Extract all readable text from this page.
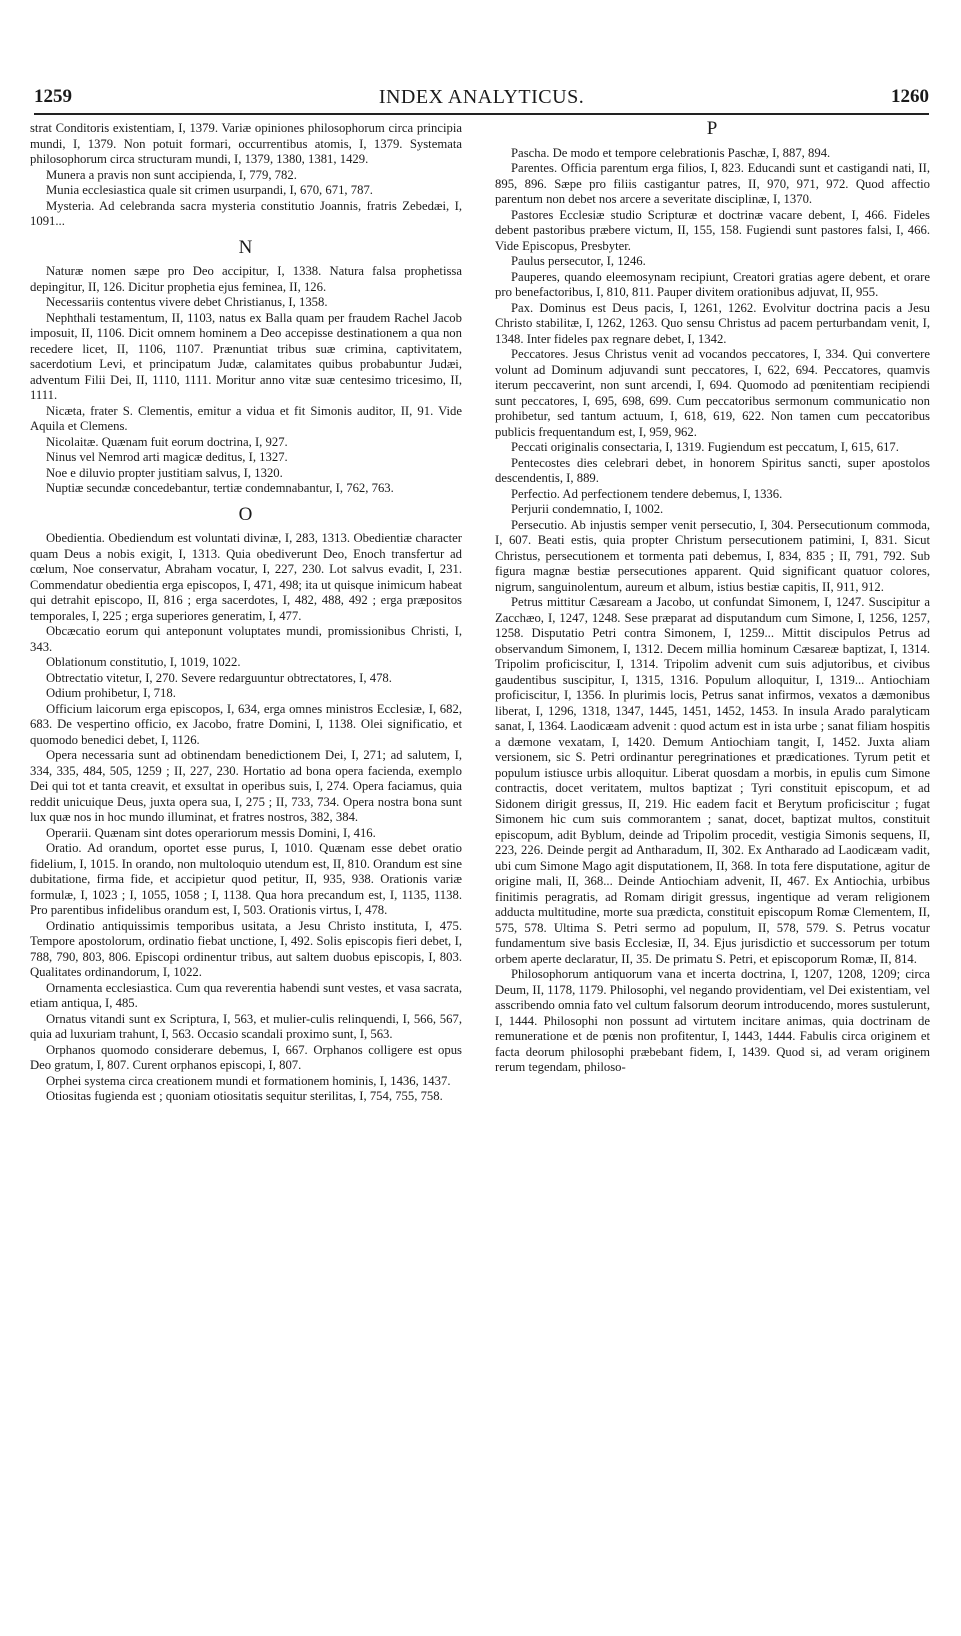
1259	INDEX ANALYTICUS.	1260

strat Conditoris existentiam, I, 1379. Variæ opiniones philosophorum circa principia mundi, I, 1379. Non potuit formari, occurrentibus atomis, I, 1379. Systemata philosophorum circa structuram mundi, I, 1379, 1380, 1381, 1429.

Munera a pravis non sunt accipienda, I, 779, 782.

Munia ecclesiastica quale sit crimen usurpandi, I, 670, 671, 787.

Mysteria. Ad celebranda sacra mysteria constitutio Joannis, fratris Zebedæi, I, 1091...

N

Naturæ nomen sæpe pro Deo accipitur, I, 1338. Natura falsa prophetissa depingitur, II, 126. Dicitur prophetia ejus feminea, II, 126.

Necessariis contentus vivere debet Christianus, I, 1358.

Nephthali testamentum, II, 1103, natus ex Balla quam per fraudem Rachel Jacob imposuit, II, 1106. Dicit omnem hominem a Deo accepisse destinationem a qua non recedere licet, II, 1106, 1107. Prænuntiat tribus suæ crimina, captivitatem, sacerdotium Levi, et principatum Judæ, calamitates quibus probabuntur Judæi, adventum Filii Dei, II, 1110, 1111. Moritur anno vitæ suæ centesimo tricesimo, II, 1111.

Nicæta, frater S. Clementis, emitur a vidua et fit Simonis auditor, II, 91. Vide Aquila et Clemens.

Nicolaitæ. Quænam fuit eorum doctrina, I, 927.

Ninus vel Nemrod arti magicæ deditus, I, 1327.

Noe e diluvio propter justitiam salvus, I, 1320.

Nuptiæ secundæ concedebantur, tertiæ condemnabantur, I, 762, 763.

O

Obedientia. Obediendum est voluntati divinæ, I, 283, 1313. Obedientiæ character quam Deus a nobis exigit, I, 1313. Quia obediverunt Deo, Enoch transfertur ad cœlum, Noe conservatur, Abraham vocatur, I, 227, 230. Lot salvus evadit, I, 231. Commendatur obedientia erga episcopos, I, 471, 498; ita ut quisque inimicum habeat qui detrahit episcopo, II, 816 ; erga sacerdotes, I, 482, 488, 492 ; erga præpositos temporales, I, 225 ; erga superiores generatim, I, 477.

Obcæcatio eorum qui anteponunt voluptates mundi, promissionibus Christi, I, 343.

Oblationum constitutio, I, 1019, 1022.

Obtrectatio vitetur, I, 270. Severe redarguuntur obtrectatores, I, 478.

Odium prohibetur, I, 718.

Officium laicorum erga episcopos, I, 634, erga omnes ministros Ecclesiæ, I, 682, 683. De vespertino officio, ex Jacobo, fratre Domini, I, 1138. Olei significatio, et quomodo benedici debet, I, 1126.

Opera necessaria sunt ad obtinendam benedictionem Dei, I, 271; ad salutem, I, 334, 335, 484, 505, 1259 ; II, 227, 230. Hortatio ad bona opera facienda, exemplo Dei qui tot et tanta creavit, et exsultat in operibus suis, I, 274. Opera faciamus, quia reddit unicuique Deus, juxta opera sua, I, 275 ; II, 733, 734. Opera nostra bona sunt lux quæ nos in hoc mundo illuminat, et fratres nostros, 382, 384.

Operarii. Quænam sint dotes operariorum messis Domini, I, 416.

Oratio. Ad orandum, oportet esse purus, I, 1010. Quænam esse debet oratio fidelium, I, 1015. In orando, non multoloquio utendum est, II, 810. Orandum est sine dubitatione, firma fide, et accipietur quod petitur, II, 935, 938. Orationis variæ formulæ, I, 1023 ; I, 1055, 1058 ; I, 1138. Qua hora precandum est, I, 1135, 1138. Pro parentibus infidelibus orandum est, I, 503. Orationis virtus, I, 478.

Ordinatio antiquissimis temporibus usitata, a Jesu Christo instituta, I, 475. Tempore apostolorum, ordinatio fiebat unctione, I, 492. Solis episcopis fieri debet, I, 788, 790, 803, 806. Episcopi ordinentur tribus, aut saltem duobus episcopis, I, 803. Qualitates ordinandorum, I, 1022.

Ornamenta ecclesiastica. Cum qua reverentia habendi sunt vestes, et vasa sacrata, etiam antiqua, I, 485.

Ornatus vitandi sunt ex Scriptura, I, 563, et mulier-culis relinquendi, I, 566, 567, quia ad luxuriam trahunt, I, 563. Occasio scandali proximo sunt, I, 563.

Orphanos quomodo considerare debemus, I, 667. Orphanos colligere est opus Deo gratum, I, 807. Curent orphanos episcopi, I, 807.

Orphei systema circa creationem mundi et formationem hominis, I, 1436, 1437.

Otiositas fugienda est ; quoniam otiositatis sequitur sterilitas, I, 754, 755, 758.

P

Pascha. De modo et tempore celebrationis Paschæ, I, 887, 894.

Parentes. Officia parentum erga filios, I, 823. Educandi sunt et castigandi nati, II, 895, 896. Sæpe pro filiis castigantur patres, II, 970, 971, 972. Quod affectio parentum non debet nos arcere a severitate disciplinæ, I, 1370.

Pastores Ecclesiæ studio Scripturæ et doctrinæ vacare debent, I, 466. Fideles debent pastoribus præbere victum, II, 155, 158. Fugiendi sunt pastores falsi, I, 466. Vide Episcopus, Presbyter.

Paulus persecutor, I, 1246.

Pauperes, quando eleemosynam recipiunt, Creatori gratias agere debent, et orare pro benefactoribus, I, 810, 811. Pauper divitem orationibus adjuvat, II, 955.

Pax. Dominus est Deus pacis, I, 1261, 1262. Evolvitur doctrina pacis a Jesu Christo stabilitæ, I, 1262, 1263. Quo sensu Christus ad pacem perturbandam venit, I, 1348. Inter fideles pax regnare debet, I, 1342.

Peccatores. Jesus Christus venit ad vocandos peccatores, I, 334. Qui convertere volunt ad Dominum adjuvandi sunt peccatores, I, 622, 694. Peccatores, quamvis iterum peccaverint, non sunt arcendi, I, 694. Quomodo ad pœnitentiam recipiendi sunt peccatores, I, 695, 698, 699. Cum peccatoribus sermonum communicatio non prohibetur, sed tantum actuum, I, 618, 619, 622. Non tamen cum peccatoribus publicis frequentandum est, I, 959, 962.

Peccati originalis consectaria, I, 1319. Fugiendum est peccatum, I, 615, 617.

Pentecostes dies celebrari debet, in honorem Spiritus sancti, super apostolos descendentis, I, 889.

Perfectio. Ad perfectionem tendere debemus, I, 1336.

Perjurii condemnatio, I, 1002.

Persecutio. Ab injustis semper venit persecutio, I, 304. Persecutionum commoda, I, 607. Beati estis, quia propter Christum persecutionem patimini, I, 831. Sicut Christus, persecutionem et tormenta pati debemus, I, 834, 835 ; II, 791, 792. Sub figura magnæ bestiæ persecutiones apparent. Quid significant quatuor colores, nigrum, sanguinolentum, aureum et album, istius bestiæ capitis, II, 911, 912.

Petrus mittitur Cæsaream a Jacobo, ut confundat Simonem, I, 1247. Suscipitur a Zacchæo, I, 1247, 1248. Sese præparat ad disputandum cum Simone, I, 1256, 1257, 1258. Disputatio Petri contra Simonem, I, 1259... Mittit discipulos Petrus ad observandum Simonem, I, 1312. Decem millia hominum Cæsareæ baptizat, I, 1314. Tripolim proficiscitur, I, 1314. Tripolim advenit cum suis adjutoribus, et civibus gaudentibus suscipitur, I, 1315, 1316. Populum alloquitur, I, 1319... Antiochiam proficiscitur, I, 1356. In plurimis locis, Petrus sanat infirmos, vexatos a dæmonibus liberat, I, 1296, 1318, 1347, 1445, 1451, 1452, 1453. In insula Arado paralyticam sanat, I, 1364. Laodicæam advenit : quod actum est in ista urbe ; sanat filiam hospitis a dæmone vexatam, I, 1420. Demum Antiochiam tangit, I, 1452. Juxta aliam versionem, sic S. Petri ordinantur peregrinationes et prædicationes. Tyrum petit et populum istiusce urbis alloquitur. Liberat quosdam a morbis, in epulis cum Simone contractis, docet veritatem, multos baptizat ; Tyri constituit episcopum, et ad Sidonem dirigit gressus, II, 219. Hic eadem facit et Berytum proficiscitur ; fugat Simonem hic cum suis commorantem ; sanat, docet, baptizat multos, constituit episcopum, adit Byblum, deinde ad Tripolim procedit, vestigia Simonis sequens, II, 223, 226. Deinde pergit ad Antharadum, II, 302. Ex Antharado ad Laodicæam vadit, ubi cum Simone Mago agit disputationem, II, 368. In tota fere disputatione, agitur de origine mali, II, 368... Deinde Antiochiam advenit, II, 467. Ex Antiochia, urbibus finitimis peragratis, ad Romam dirigit gressus, ingentique ad veram religionem adducta multitudine, morte sua prædicta, constituit episcopum Romæ Clementem, II, 575, 578. Ultima S. Petri sermo ad populum, II, 578, 579. S. Petrus vocatur fundamentum sive basis Ecclesiæ, II, 34. Ejus jurisdictio et successorum per totum orbem aperte declaratur, II, 35. De primatu S. Petri, et episcoporum Romæ, II, 814.

Philosophorum antiquorum vana et incerta doctrina, I, 1207, 1208, 1209; circa Deum, II, 1178, 1179. Philosophi, vel negando providentiam, vel Dei existentiam, vel asscribendo omnia fato vel cultum falsorum deorum introducendo, mores sustulerunt, I, 1444. Philosophi non possunt ad virtutem incitare animas, quia doctrinam de remuneratione et de pœnis non profitentur, I, 1443, 1444. Fabulis circa originem et facta deorum philosophi præbebant fidem, I, 1439. Quod si, ad veram originem rerum tegendam, philoso-
